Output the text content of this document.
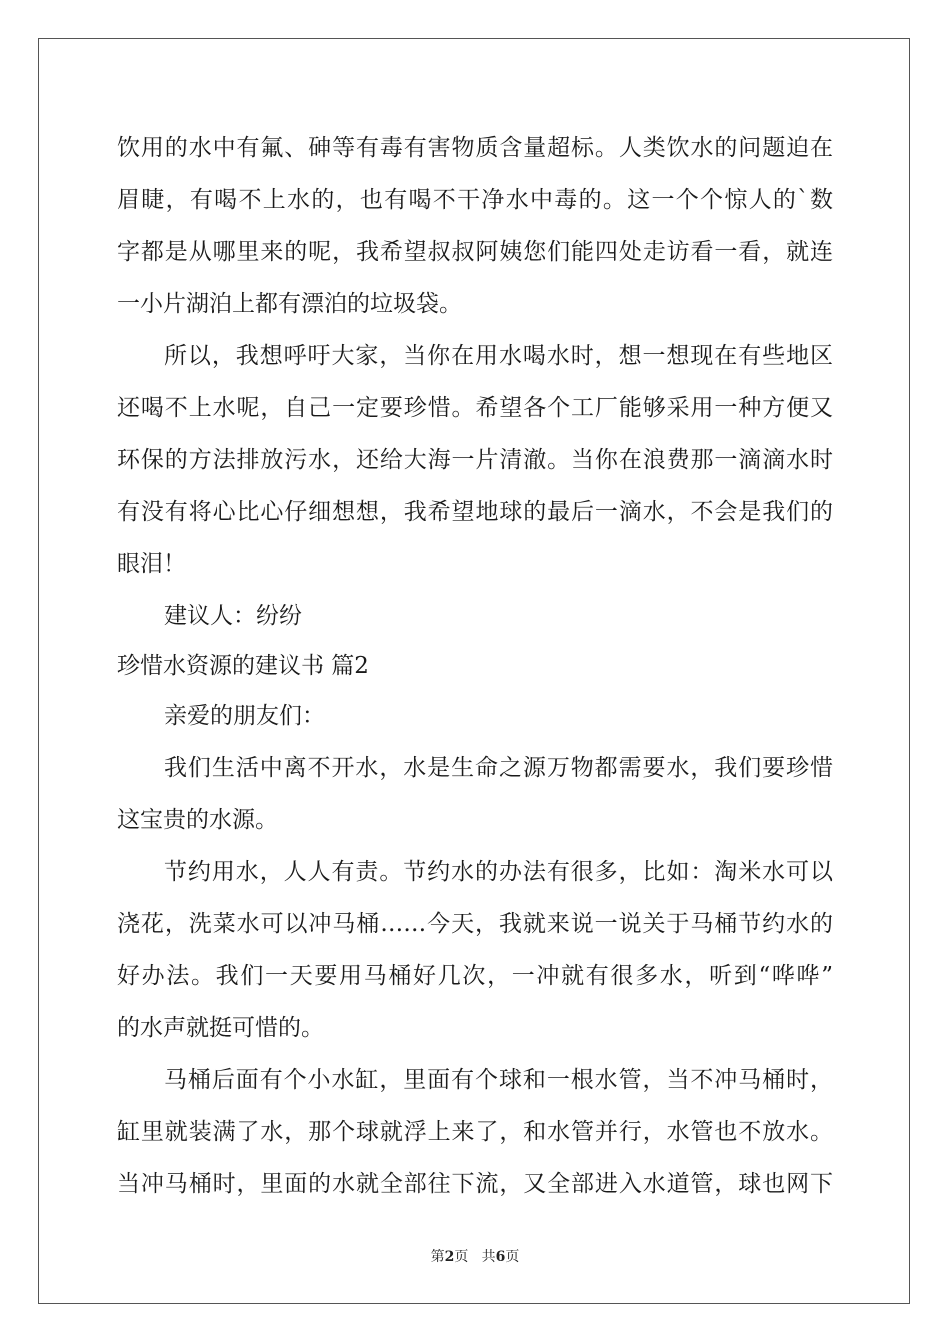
饮用的水中有氟、砷等有毒有害物质含量超标。人类饮水的问题迫在
眉睫，有喝不上水的，也有喝不干净水中毒的。这一个个惊人的`数
字都是从哪里来的呢，我希望叔叔阿姨您们能四处走访看一看，就连
一小片湖泊上都有漂泊的垃圾袋。
所以，我想呼吁大家，当你在用水喝水时，想一想现在有些地区
还喝不上水呢，自己一定要珍惜。希望各个工厂能够采用一种方便又
环保的方法排放污水，还给大海一片清澈。当你在浪费那一滴滴水时
有没有将心比心仔细想想，我希望地球的最后一滴水，不会是我们的
眼泪！
建议人：纷纷
珍惜水资源的建议书 篇2
亲爱的朋友们：
我们生活中离不开水，水是生命之源万物都需要水，我们要珍惜
这宝贵的水源。
节约用水，人人有责。节约水的办法有很多，比如：淘米水可以
浇花，洗菜水可以冲马桶……今天，我就来说一说关于马桶节约水的
好办法。我们一天要用马桶好几次，一冲就有很多水，听到“哗哗”
的水声就挺可惜的。
马桶后面有个小水缸，里面有个球和一根水管，当不冲马桶时，
缸里就装满了水，那个球就浮上来了，和水管并行，水管也不放水。
当冲马桶时，里面的水就全部往下流，又全部进入水道管，球也网下
第2页 共6页
